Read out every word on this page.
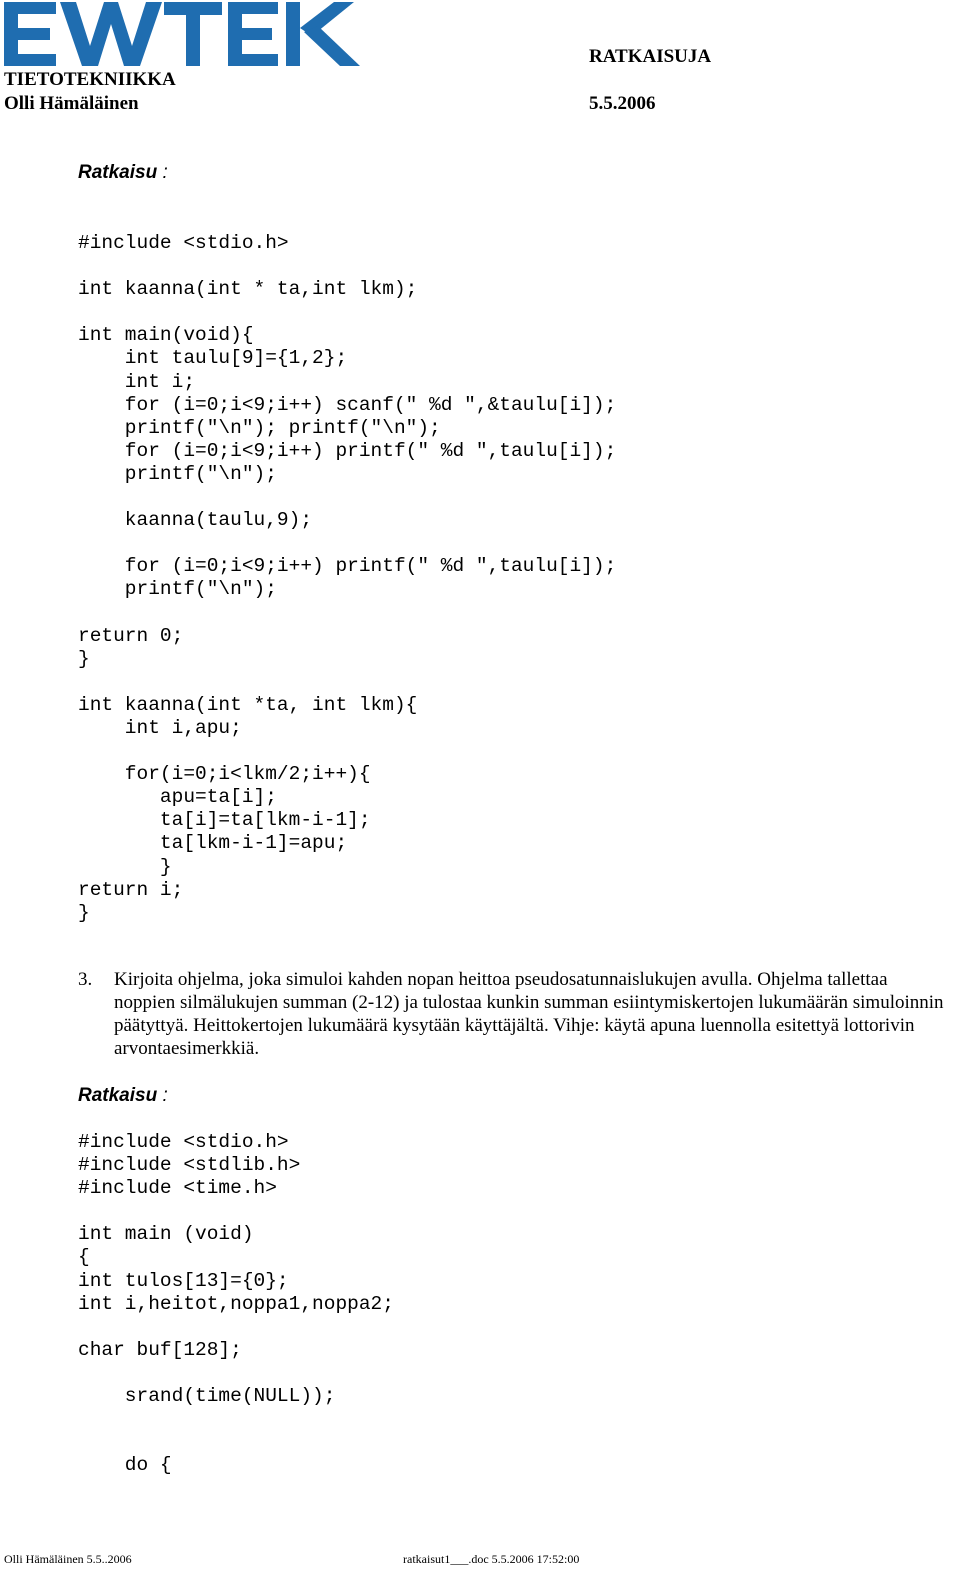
TIETOTEKNIIKKA
Olli Hämäläinen
RATKAISUJA
5.5.2006
Ratkaisu :
#include <stdio.h>

int kaanna(int * ta,int lkm);

int main(void){
int taulu[9]={1,2};
int i;
for (i=0;i<9;i++) scanf(" %d ",&taulu[i]);
printf("\n"); printf("\n");
for (i=0;i<9;i++) printf(" %d ",taulu[i]);
printf("\n");

kaanna(taulu,9);

for (i=0;i<9;i++) printf(" %d ",taulu[i]);
printf("\n");

return 0;
}

int kaanna(int *ta, int lkm){
int i,apu;

for(i=0;i<lkm/2;i++){
apu=ta[i];
ta[i]=ta[lkm-i-1];
ta[lkm-i-1]=apu;
}
return i;
}
3. Kirjoita ohjelma, joka simuloi kahden nopan heittoa pseudosatunnaislukujen avulla. Ohjelma tallettaa noppien silmälukujen summan (2-12) ja tulostaa kunkin summan esiintymiskertojen lukumäärän simuloinnin päätyttyä. Heittokertojen lukumäärä kysytään käyttäjältä. Vihje: käytä apuna luennolla esitettyä lottorivin arvontaesimerkkiä.
Ratkaisu :
#include <stdio.h>
#include <stdlib.h>
#include <time.h>

int main (void)
{
int tulos[13]={0};
int i,heitot,noppa1,noppa2;

char buf[128];

srand(time(NULL));

do {
Olli Hämäläinen 5.5..2006	ratkaisut1___.doc 5.5.2006 17:52:00
